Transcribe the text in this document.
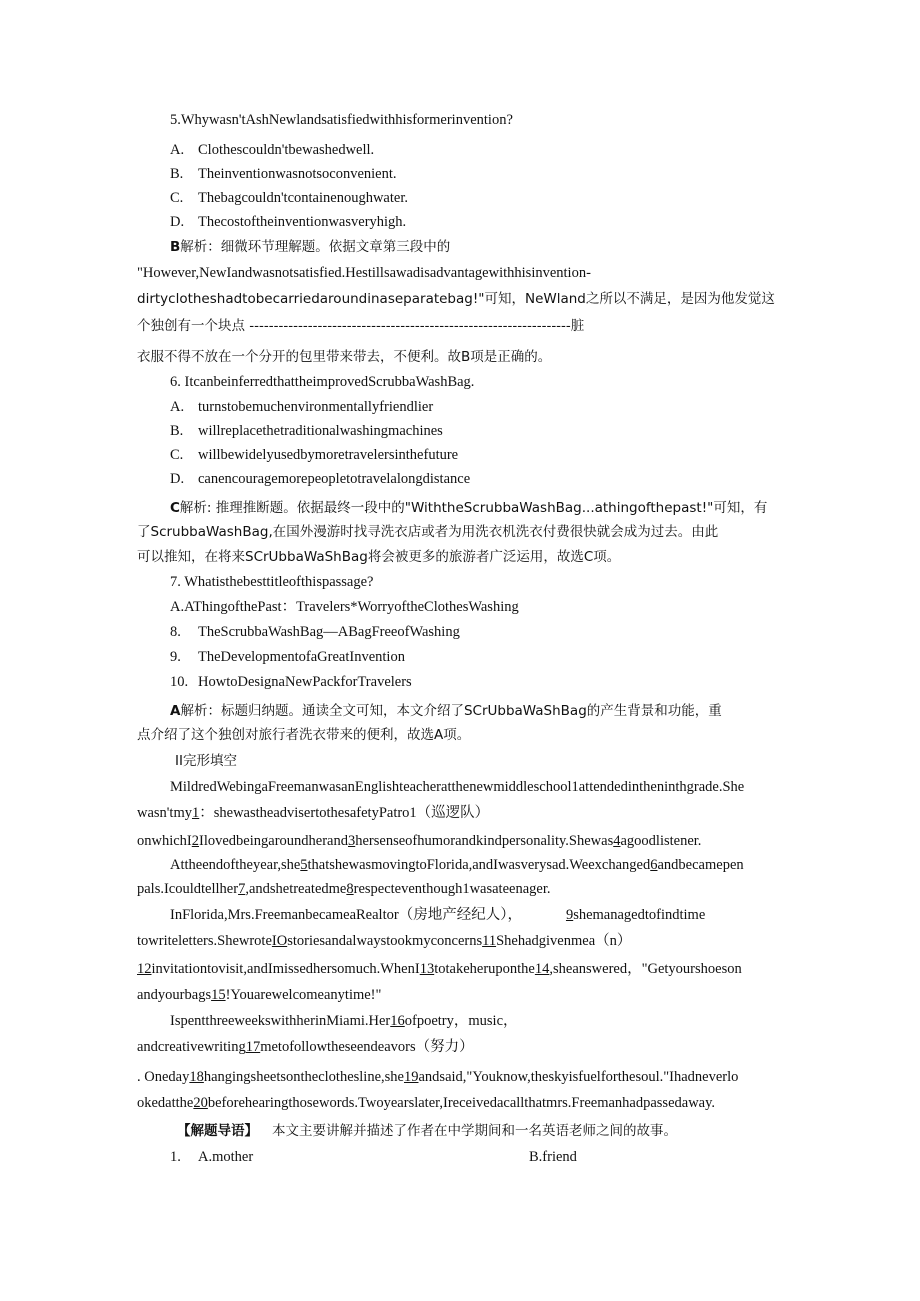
5.Whywasn'tAshNewlandsatisfiedwithhisformerinvention?
A. Clothescouldn'tbewashedwell.
B. Theinventionwasnotsoconvenient.
C. Thebagcouldn'tcontainenoughwater.
D. Thecostoftheinventionwasveryhigh.
B解析：细微环节理解题。依据文章第三段中的
"However,NewIandwasnotsatisfied.Hestillsawadisadvantagewithhisinvention-
dirtyclotheshadtobecarriedaroundinaseparatebag!"可知，NeWland之所以不满足，是因为他发觉这
个独创有一个块点 ------------------------------------------------------------------脏
衣服不得不放在一个分开的包里带来带去，不便利。故B项是正确的。
6. ItcanbeinferredthattheimprovedScrubbaWashBag.
A. turnstobemuchenvironmentallyfriendlier
B. willreplacethetraditionalwashingmachines
C. willbewidelyusedbymoretravelersinthefuture
D. canencouragemorepeopletotravelalongdistance
C解析: 推理推断题。依据最终一段中的"WiththeScrubbaWashBag...athingofthepast!"可知，有
了ScrubbaWashBag,在国外漫游时找寻洗衣店或者为用洗衣机洗衣付费很快就会成为过去。由此
可以推知，在将来SCrUbbaWaShBag将会被更多的旅游者广泛运用，故选C项。
7. Whatisthebesttitleofthispassage?
A.AThingofthePast：Travelers*WorryoftheClothesWashing
8. TheScrubbaWashBag—ABagFreeofWashing
9. TheDevelopmentofaGreatInvention
10. HowtoDesignaNewPackforTravelers
A解析：标题归纳题。通读全文可知，本文介绍了SCrUbbaWaShBag的产生背景和功能，重
点介绍了这个独创对旅行者洗衣带来的便利，故选A项。
II完形填空
MildredWebingaFreemanwasanEnglishteacheratthenewmiddleschool1attendedintheninthgrade.She
wasn'tmy1：shewastheadvisertothesafetyPatro1（巡逻队）
onwhichI2Ilovedbeingaroundherand3hersenseofhumorandkindpersonality.Shewas4agoodlistener.
Attheendoftheyear,she5thatshewasmovingtoFlorida,andIwasverysad.Weexchanged6andbecamepen
pals.Icouldtellher7,andshetreatedme8respecteventhough1wasateenager.
InFlorida,Mrs.FreemanbecameaRealtor（房地产经纪人），	9shemanagedtofindtime
towriteletters.ShewroteIOstoriesandalwaystookmyconcerns11Shehadgivenmea（n）
12invitationtovisit,andImissedhersomuch.WhenI13totakeheruponthe14,sheanswered，"Getyourshoeson
andyourbags15!Youarewelcomeanytime!"
IspentthreeweekswithherinMiami.Her16ofpoetry，music，
andcreativewriting17metofollowtheseendeavors（努力）
. Oneday18hangingsheetsontheclothesline,she19andsaid,"Youknow,theskyisfuelforthesoul."Ihadneverlo
okedatthe20beforehearingthosewords.Twoyearslater,Ireceivedacallthatmrs.Freemanhadpassedaway.
【解题导语】 本文主要讲解并描述了作者在中学期间和一名英语老师之间的故事。
1. A.mother	B.friend
